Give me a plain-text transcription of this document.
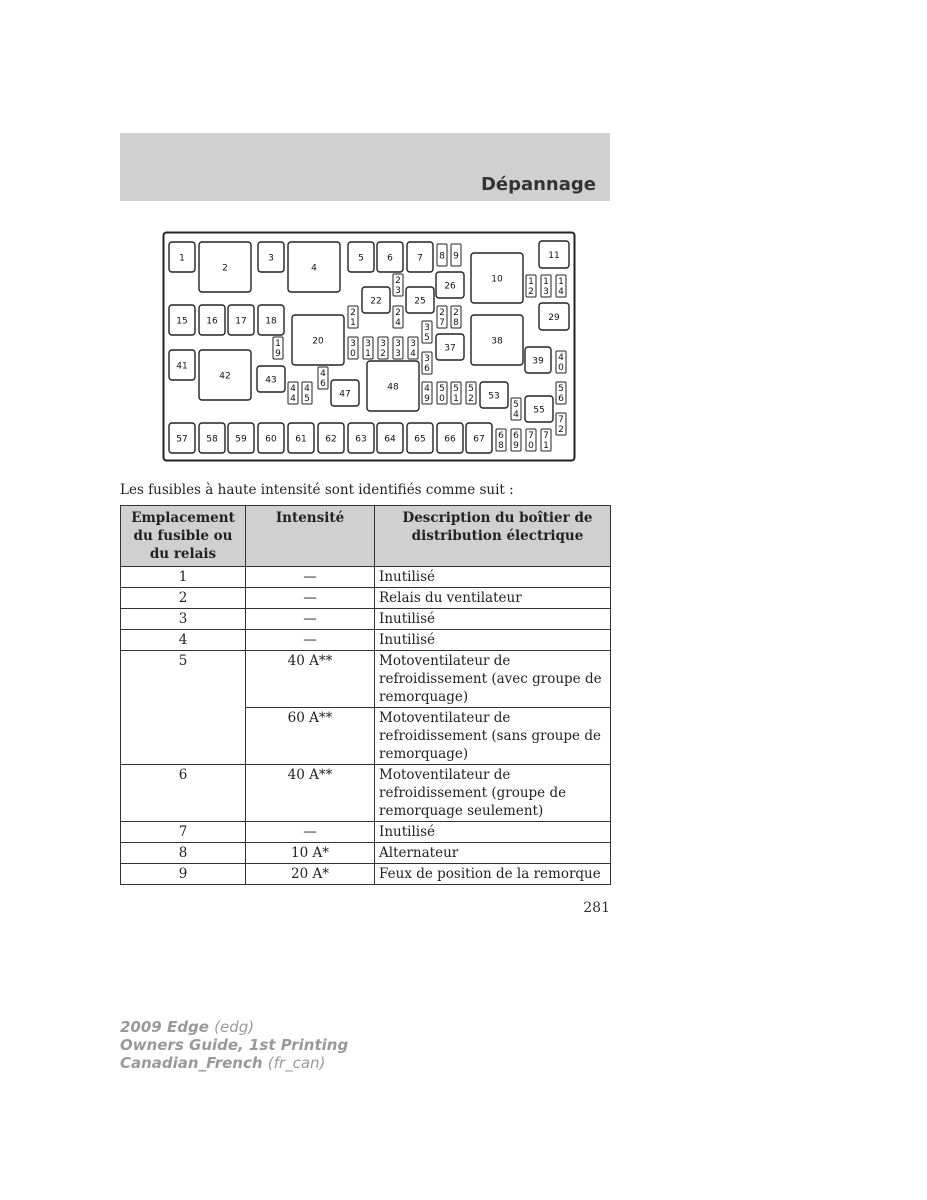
Dépannage
1
2
3
4
5	6	7 8 9
10
11
1 2
1 3
1 4
15 16 17 18
1 9
20
2 1
22
2 3
2 4
25
26
2 7
2 8	29
3 0
3 1
3 2
3 3
3 4
3 5
3 6
37
38
39 4 0
41
42	43
4 4
4 5
4 6
47
48	4 9
5 0
5 1
5 2 53
5 4 55
5 6
57 58 59 60 61 62 63 64 65 66 67 6 8
6 9
7 0
7 1
7 2
Les fusibles à haute intensité sont identifiés comme suit :
Emplacement du fusible ou du relais	Intensité	Description du boîtier de distribution électrique
1	—	Inutilisé
2	—	Relais du ventilateur
3	—	Inutilisé
4	—	Inutilisé
5	40 A**	Motoventilateur de refroidissement (avec groupe de remorquage)
	60 A**	Motoventilateur de refroidissement (sans groupe de remorquage)
6	40 A**	Motoventilateur de refroidissement (groupe de remorquage seulement)
7	—	Inutilisé
8	10 A*	Alternateur
9	20 A*	Feux de position de la remorque
281
2009 Edge (edg)
Owners Guide, 1st Printing
Canadian_French (fr_can)
